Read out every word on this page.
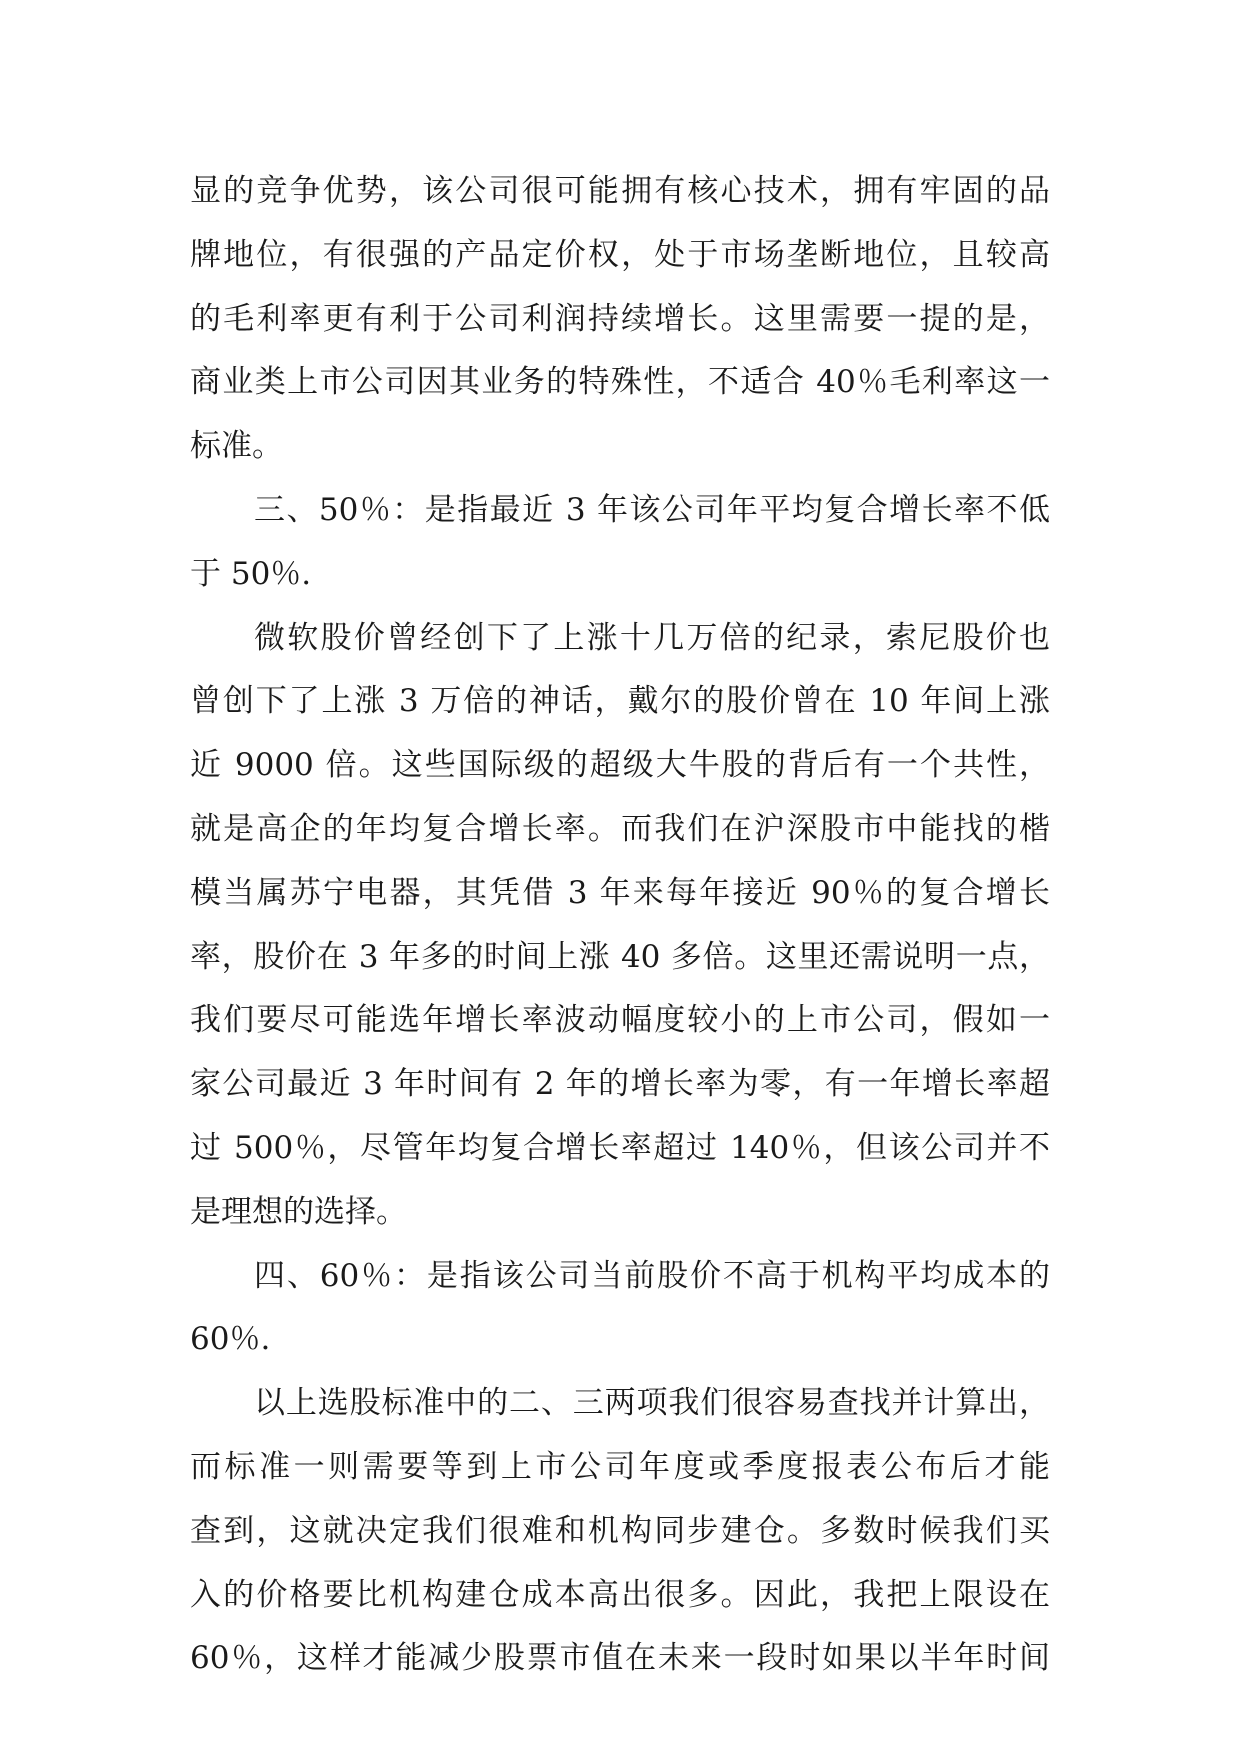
显的竞争优势，该公司很可能拥有核心技术，拥有牢固的品
牌地位，有很强的产品定价权，处于市场垄断地位，且较高
的毛利率更有利于公司利润持续增长。这里需要一提的是，
商业类上市公司因其业务的特殊性，不适合 40％毛利率这一
标准。
三、50％：是指最近 3 年该公司年平均复合增长率不低
于 50％.
微软股价曾经创下了上涨十几万倍的纪录，索尼股价也
曾创下了上涨 3 万倍的神话，戴尔的股价曾在 10 年间上涨
近 9000 倍。这些国际级的超级大牛股的背后有一个共性，
就是高企的年均复合增长率。而我们在沪深股市中能找的楷
模当属苏宁电器，其凭借 3 年来每年接近 90％的复合增长
率，股价在 3 年多的时间上涨 40 多倍。这里还需说明一点，
我们要尽可能选年增长率波动幅度较小的上市公司，假如一
家公司最近 3 年时间有 2 年的增长率为零，有一年增长率超
过 500％，尽管年均复合增长率超过 140％，但该公司并不
是理想的选择。
四、60％：是指该公司当前股价不高于机构平均成本的
60％.
以上选股标准中的二、三两项我们很容易查找并计算出，
而标准一则需要等到上市公司年度或季度报表公布后才能
查到，这就决定我们很难和机构同步建仓。多数时候我们买
入的价格要比机构建仓成本高出很多。因此，我把上限设在
60％，这样才能减少股票市值在未来一段时如果以半年时间
